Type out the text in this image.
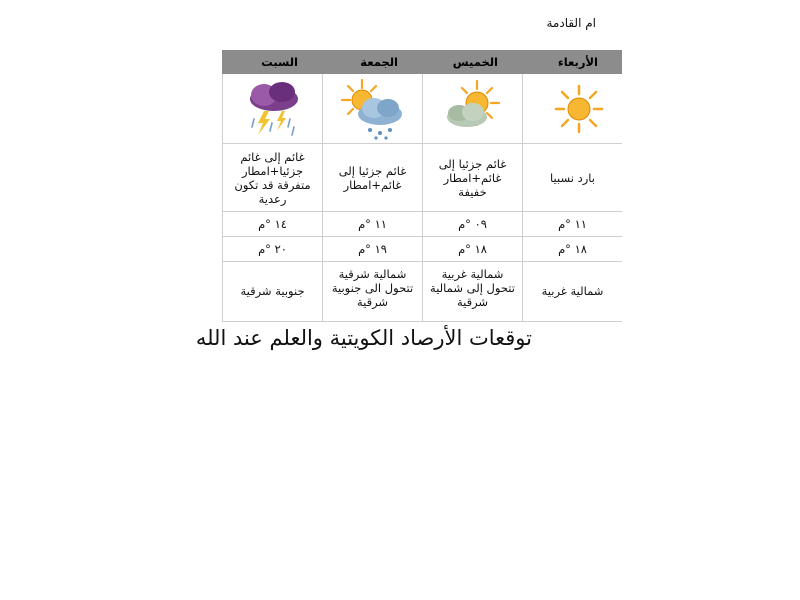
ام القادمة
الأربعاء
الخميس
الجمعة
السبت
بارد نسبيا
غائم جزئيا إلى غائم+امطار خفيفة
غائم جزئيا إلى غائم+امطار
غائم إلى غائم جزئيا+امطار متفرقة قد تكون رعدية
١١ °م
٠٩ °م
١١ °م
١٤ °م
١٨ °م
١٨ °م
١٩ °م
٢٠ °م
شمالية غربية
شمالية غربية تتحول إلى شمالية شرقية
شمالية شرقية تتحول الى جنوبية شرقية
جنوبية شرقية
توقعات الأرصاد الكويتية والعلم عند الله
